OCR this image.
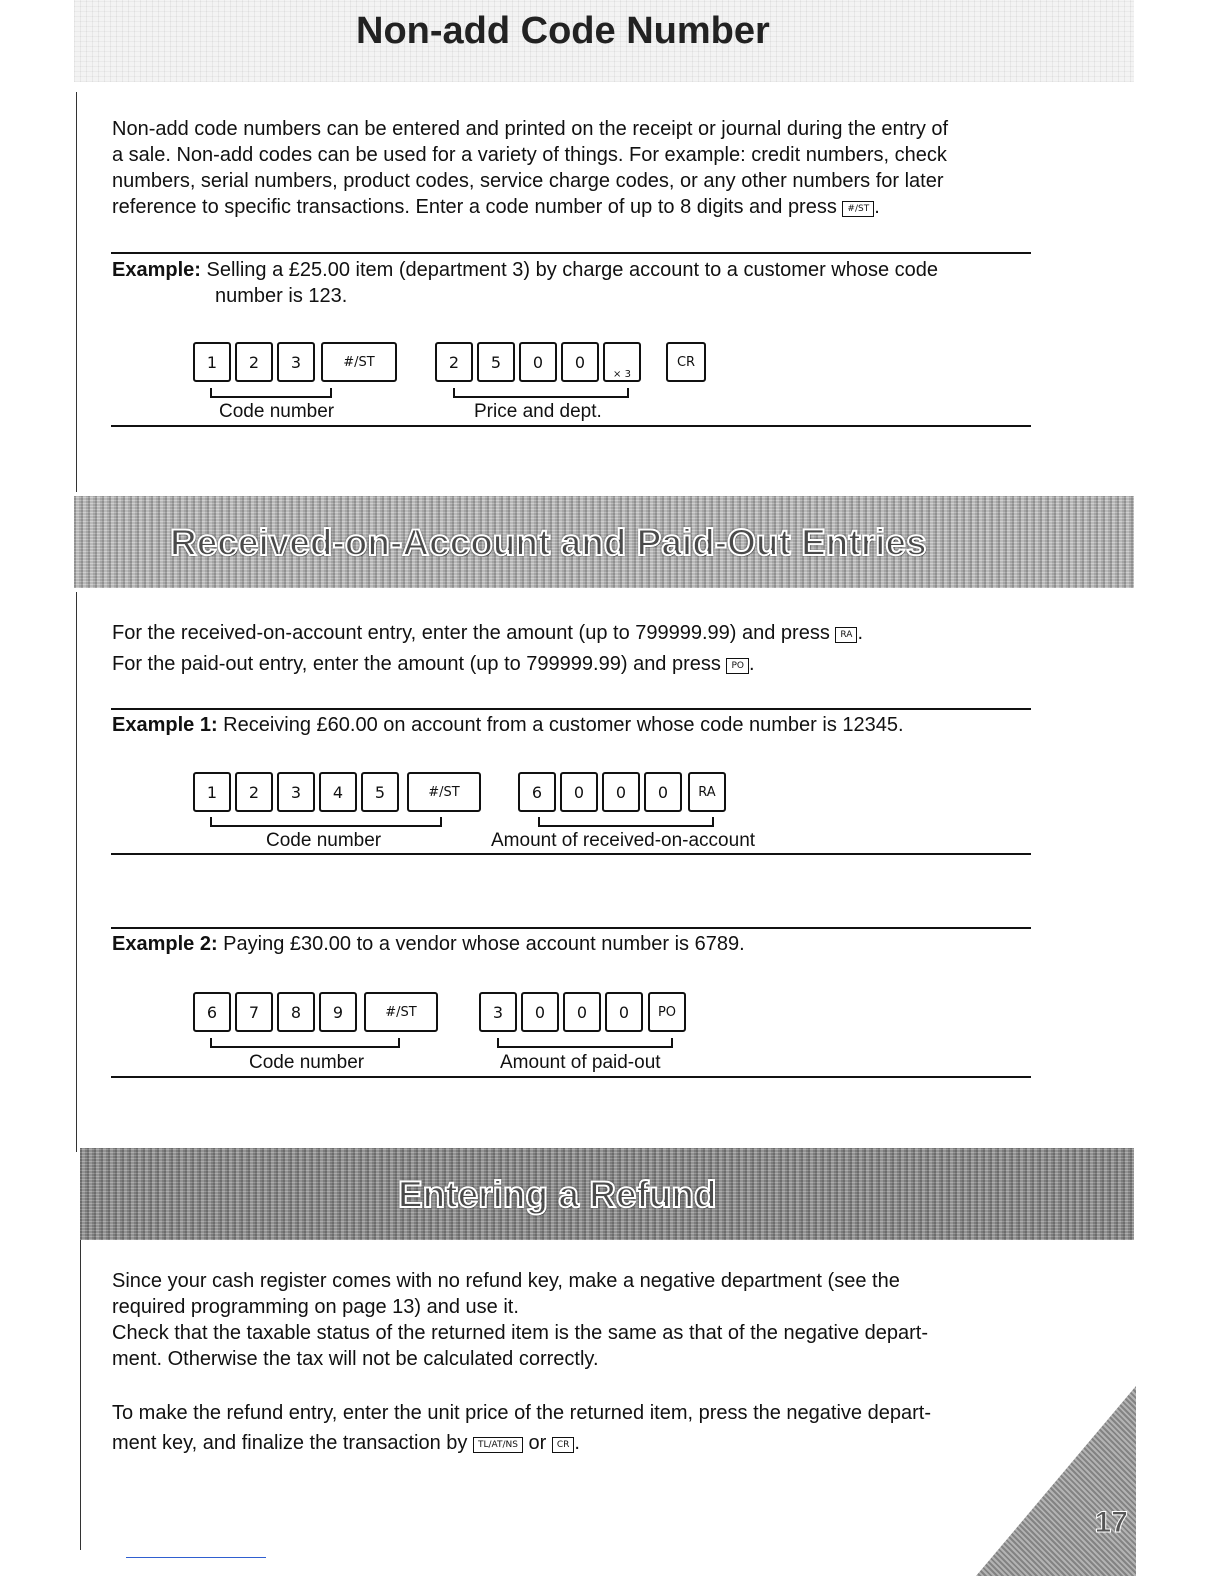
Non-add Code Number
Non-add code numbers can be entered and printed on the receipt or journal during the entry of
a sale. Non-add codes can be used for a variety of things. For example: credit numbers, check
numbers, serial numbers, product codes, service charge codes, or any other numbers for later
reference to specific transactions. Enter a code number of up to 8 digits and press #/ST .
Example: Selling a £25.00 item (department 3) by charge account to a customer whose code
number is 123.
1	2	3	#/ST	2	5	0	0
× 3
CR
Code number	Price and dept.
Received-on-Account and Paid-Out Entries
For the received-on-account entry, enter the amount (up to 799999.99) and press RA .
For the paid-out entry, enter the amount (up to 799999.99) and press PO .
Example 1: Receiving £60.00 on account from a customer whose code number is 12345.
1	2	3	4	5	#/ST	6	0	0	0	RA
Code number	Amount of received-on-account
Example 2: Paying £30.00 to a vendor whose account number is 6789.
6	7	8	9	#/ST	3	0	0	0	PO
Code number	Amount of paid-out
Entering a Refund
Since your cash register comes with no refund key, make a negative department (see the
required programming on page 13) and use it.
Check that the taxable status of the returned item is the same as that of the negative depart-
ment. Otherwise the tax will not be calculated correctly.
To make the refund entry, enter the unit price of the returned item, press the negative depart-
ment key, and finalize the transaction by TL/AT/NS or CR .
17
